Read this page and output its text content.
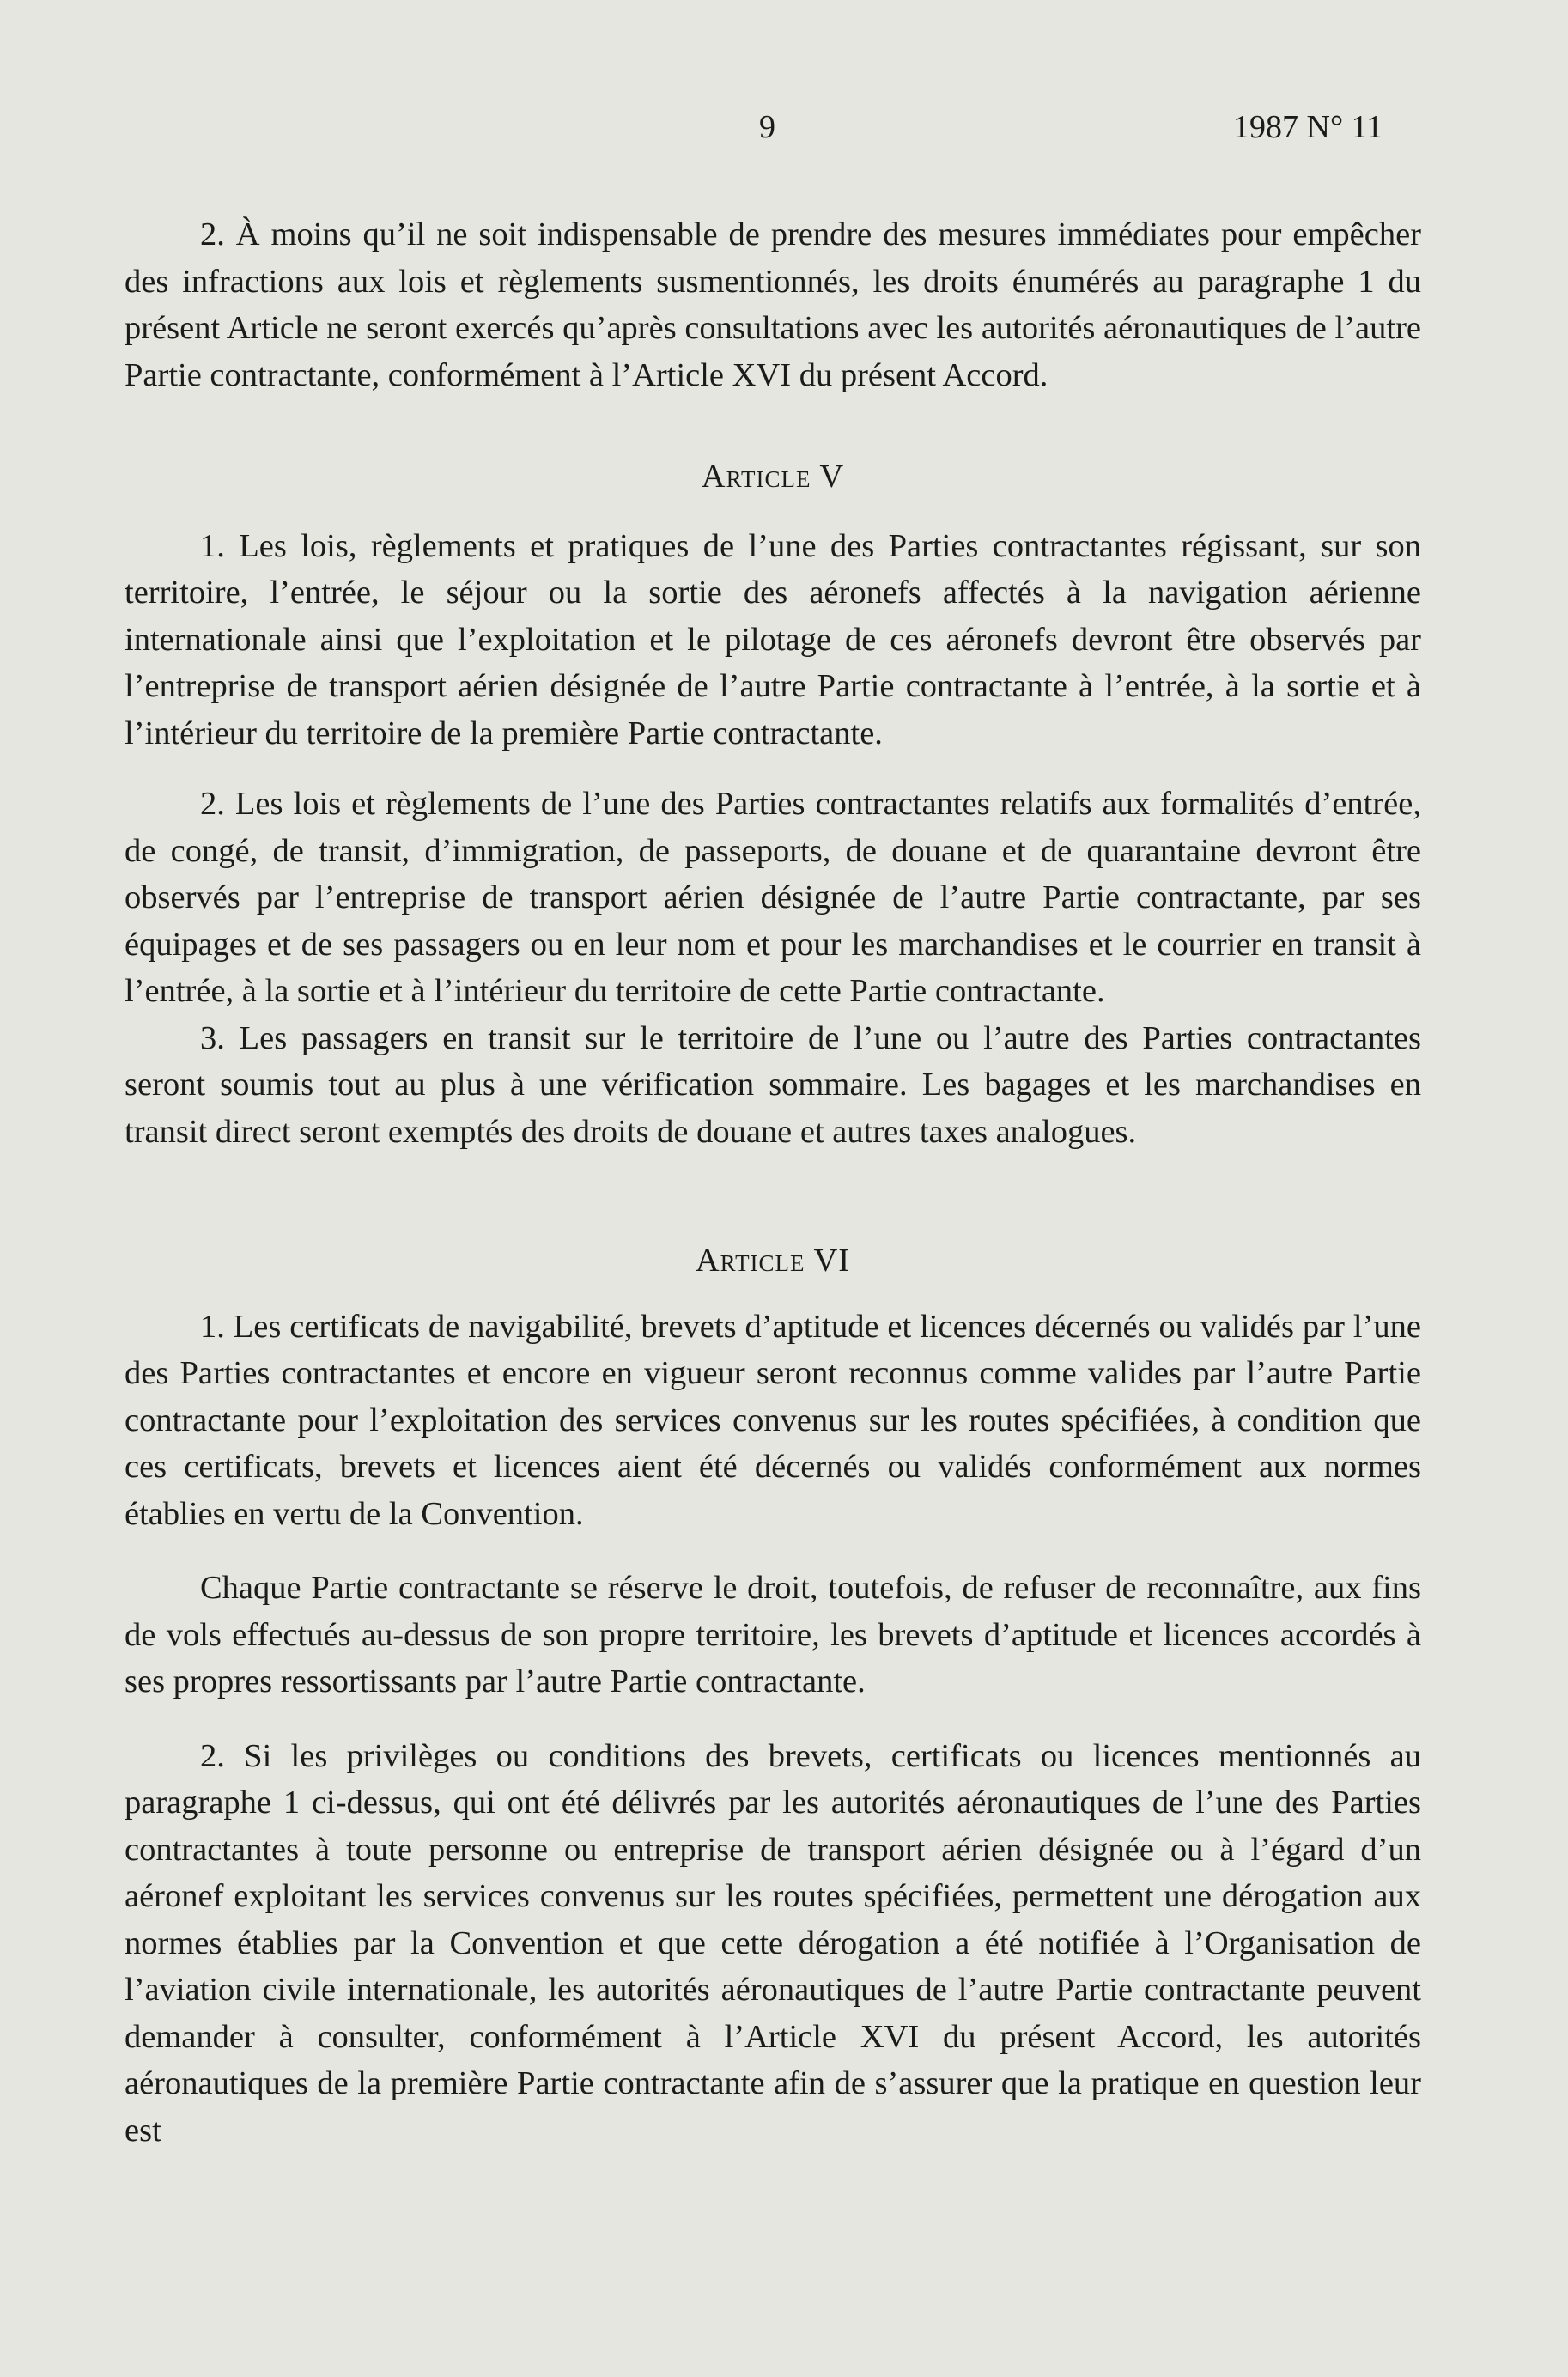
9	1987 N° 11

2. À moins qu’il ne soit indispensable de prendre des mesures immédiates pour empêcher des infractions aux lois et règlements susmentionnés, les droits énumérés au paragraphe 1 du présent Article ne seront exercés qu’après consultations avec les autorités aéronautiques de l’autre Partie contractante, conformément à l’Article XVI du présent Accord.

Article V

1. Les lois, règlements et pratiques de l’une des Parties contractantes régissant, sur son territoire, l’entrée, le séjour ou la sortie des aéronefs affectés à la navigation aérienne internationale ainsi que l’exploitation et le pilotage de ces aéronefs devront être observés par l’entreprise de transport aérien désignée de l’autre Partie contractante à l’entrée, à la sortie et à l’intérieur du territoire de la première Partie contractante.

2. Les lois et règlements de l’une des Parties contractantes relatifs aux formalités d’entrée, de congé, de transit, d’immigration, de passeports, de douane et de quarantaine devront être observés par l’entreprise de transport aérien désignée de l’autre Partie contractante, par ses équipages et de ses passagers ou en leur nom et pour les marchandises et le courrier en transit à l’entrée, à la sortie et à l’intérieur du territoire de cette Partie contractante.

3. Les passagers en transit sur le territoire de l’une ou l’autre des Parties contractantes seront soumis tout au plus à une vérification sommaire. Les bagages et les marchandises en transit direct seront exemptés des droits de douane et autres taxes analogues.

Article VI

1. Les certificats de navigabilité, brevets d’aptitude et licences décernés ou validés par l’une des Parties contractantes et encore en vigueur seront reconnus comme valides par l’autre Partie contractante pour l’exploitation des services convenus sur les routes spécifiées, à condition que ces certificats, brevets et licences aient été décernés ou validés conformément aux normes établies en vertu de la Convention.

Chaque Partie contractante se réserve le droit, toutefois, de refuser de reconnaître, aux fins de vols effectués au-dessus de son propre territoire, les brevets d’aptitude et licences accordés à ses propres ressortissants par l’autre Partie contractante.

2. Si les privilèges ou conditions des brevets, certificats ou licences mentionnés au paragraphe 1 ci-dessus, qui ont été délivrés par les autorités aéronautiques de l’une des Parties contractantes à toute personne ou entreprise de transport aérien désignée ou à l’égard d’un aéronef exploitant les services convenus sur les routes spécifiées, permettent une dérogation aux normes établies par la Convention et que cette dérogation a été notifiée à l’Organisation de l’aviation civile internationale, les autorités aéronautiques de l’autre Partie contractante peuvent demander à consulter, conformément à l’Article XVI du présent Accord, les autorités aéronautiques de la première Partie contractante afin de s’assurer que la pratique en question leur est
